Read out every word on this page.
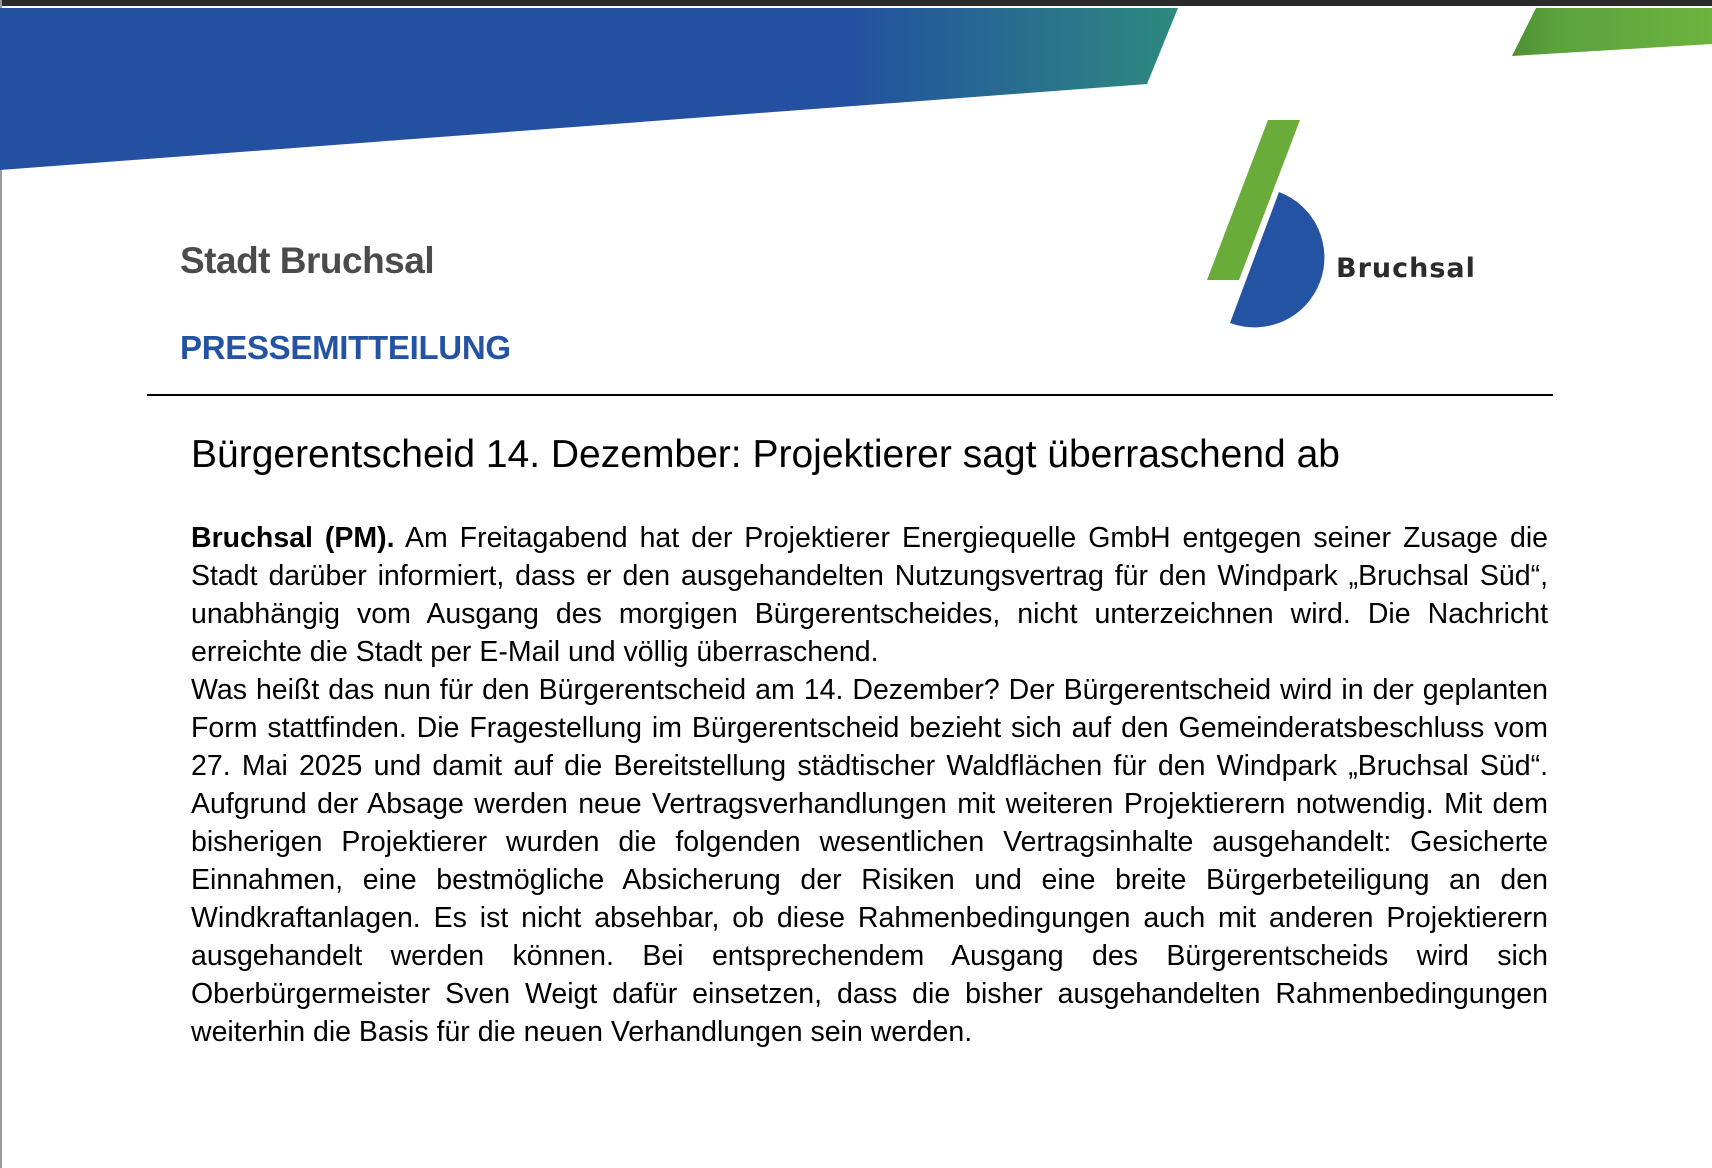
Stadt Bruchsal
PRESSEMITTEILUNG
Bruchsal
Bürgerentscheid 14. Dezember: Projektierer sagt überraschend ab

Bruchsal (PM). Am Freitagabend hat der Projektierer Energiequelle GmbH entgegen seiner Zusage die Stadt darüber informiert, dass er den ausgehandelten Nutzungsvertrag für den Windpark „Bruchsal Süd“, unabhängig vom Ausgang des morgigen Bürgerentscheides, nicht unterzeichnen wird. Die Nachricht erreichte die Stadt per E-Mail und völlig überraschend.

Was heißt das nun für den Bürgerentscheid am 14. Dezember? Der Bürgerentscheid wird in der geplanten Form stattfinden. Die Fragestellung im Bürgerentscheid bezieht sich auf den Gemeinderatsbeschluss vom 27. Mai 2025 und damit auf die Bereitstellung städtischer Waldflächen für den Windpark „Bruchsal Süd“. Aufgrund der Absage werden neue Vertragsverhandlungen mit weiteren Projektierern notwendig. Mit dem bisherigen Projektierer wurden die folgenden wesentlichen Vertragsinhalte ausgehandelt: Gesicherte Einnahmen, eine bestmögliche Absicherung der Risiken und eine breite Bürgerbeteiligung an den Windkraftanlagen. Es ist nicht absehbar, ob diese Rahmenbedingungen auch mit anderen Projektierern ausgehandelt werden können. Bei entsprechendem Ausgang des Bürgerentscheids wird sich Oberbürgermeister Sven Weigt dafür einsetzen, dass die bisher ausgehandelten Rahmenbedingungen weiterhin die Basis für die neuen Verhandlungen sein werden.
